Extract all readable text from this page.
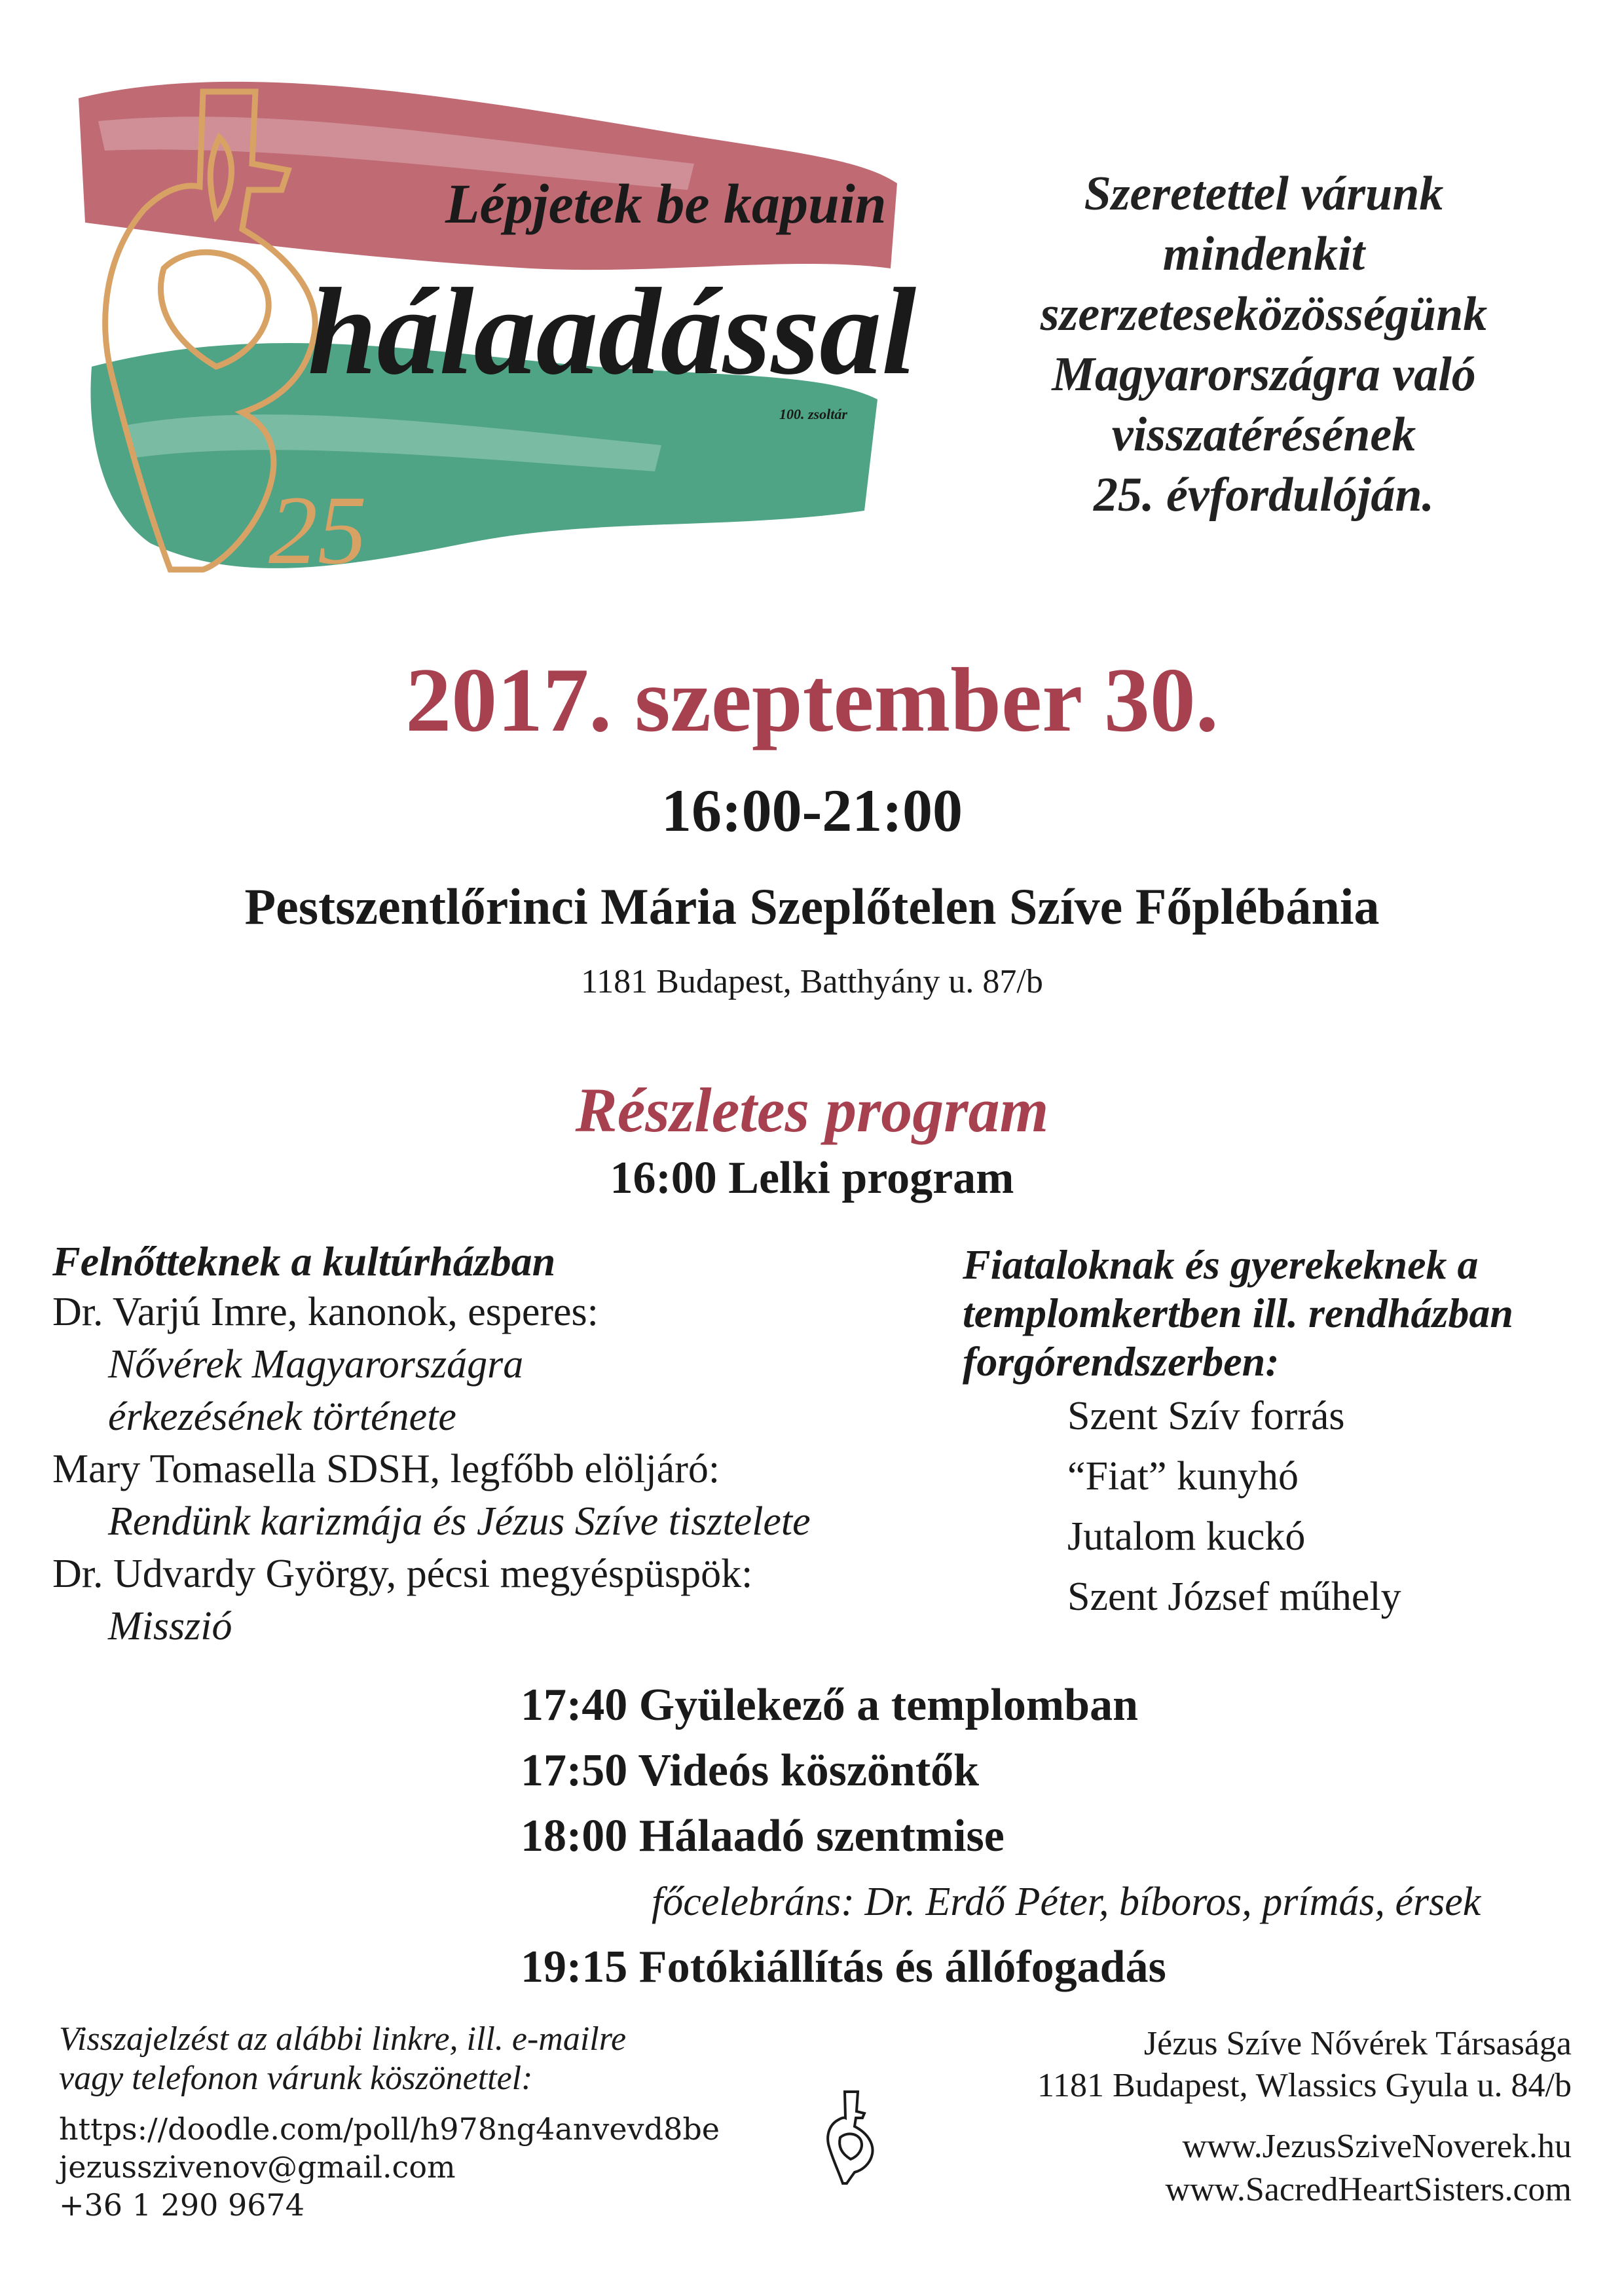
25
Lépjetek be kapuin
hálaadással
100. zsoltár
Szeretettel várunk
mindenkit
szerzeteseközösségünk
Magyarországra való
visszatérésének
25. évfordulóján.
2017. szeptember 30.
16:00-21:00
Pestszentlőrinci Mária Szeplőtelen Szíve Főplébánia
1181 Budapest, Batthyány u. 87/b
Részletes program
16:00 Lelki program
Felnőtteknek a kultúrházban
Dr. Varjú Imre, kanonok, esperes:
Nővérek Magyarországra
érkezésének története
Mary Tomasella SDSH, legfőbb elöljáró:
Rendünk karizmája és Jézus Szíve tisztelete
Dr. Udvardy György, pécsi megyéspüspök:
Misszió
Fiataloknak és gyerekeknek a
templomkertben ill. rendházban
forgórendszerben:
Szent Szív forrás
“Fiat” kunyhó
Jutalom kuckó
Szent József műhely
17:40 Gyülekező a templomban
17:50 Videós köszöntők
18:00 Hálaadó szentmise
főcelebráns: Dr. Erdő Péter, bíboros, prímás, érsek
19:15 Fotókiállítás és állófogadás
Visszajelzést az alábbi linkre, ill. e-mailre
vagy telefonon várunk köszönettel:
https://doodle.com/poll/h978ng4anvevd8be
jezusszivenov@gmail.com
+36 1 290 9674
Jézus Szíve Nővérek Társasága
1181 Budapest, Wlassics Gyula u. 84/b
www.JezusSziveNoverek.hu
www.SacredHeartSisters.com
